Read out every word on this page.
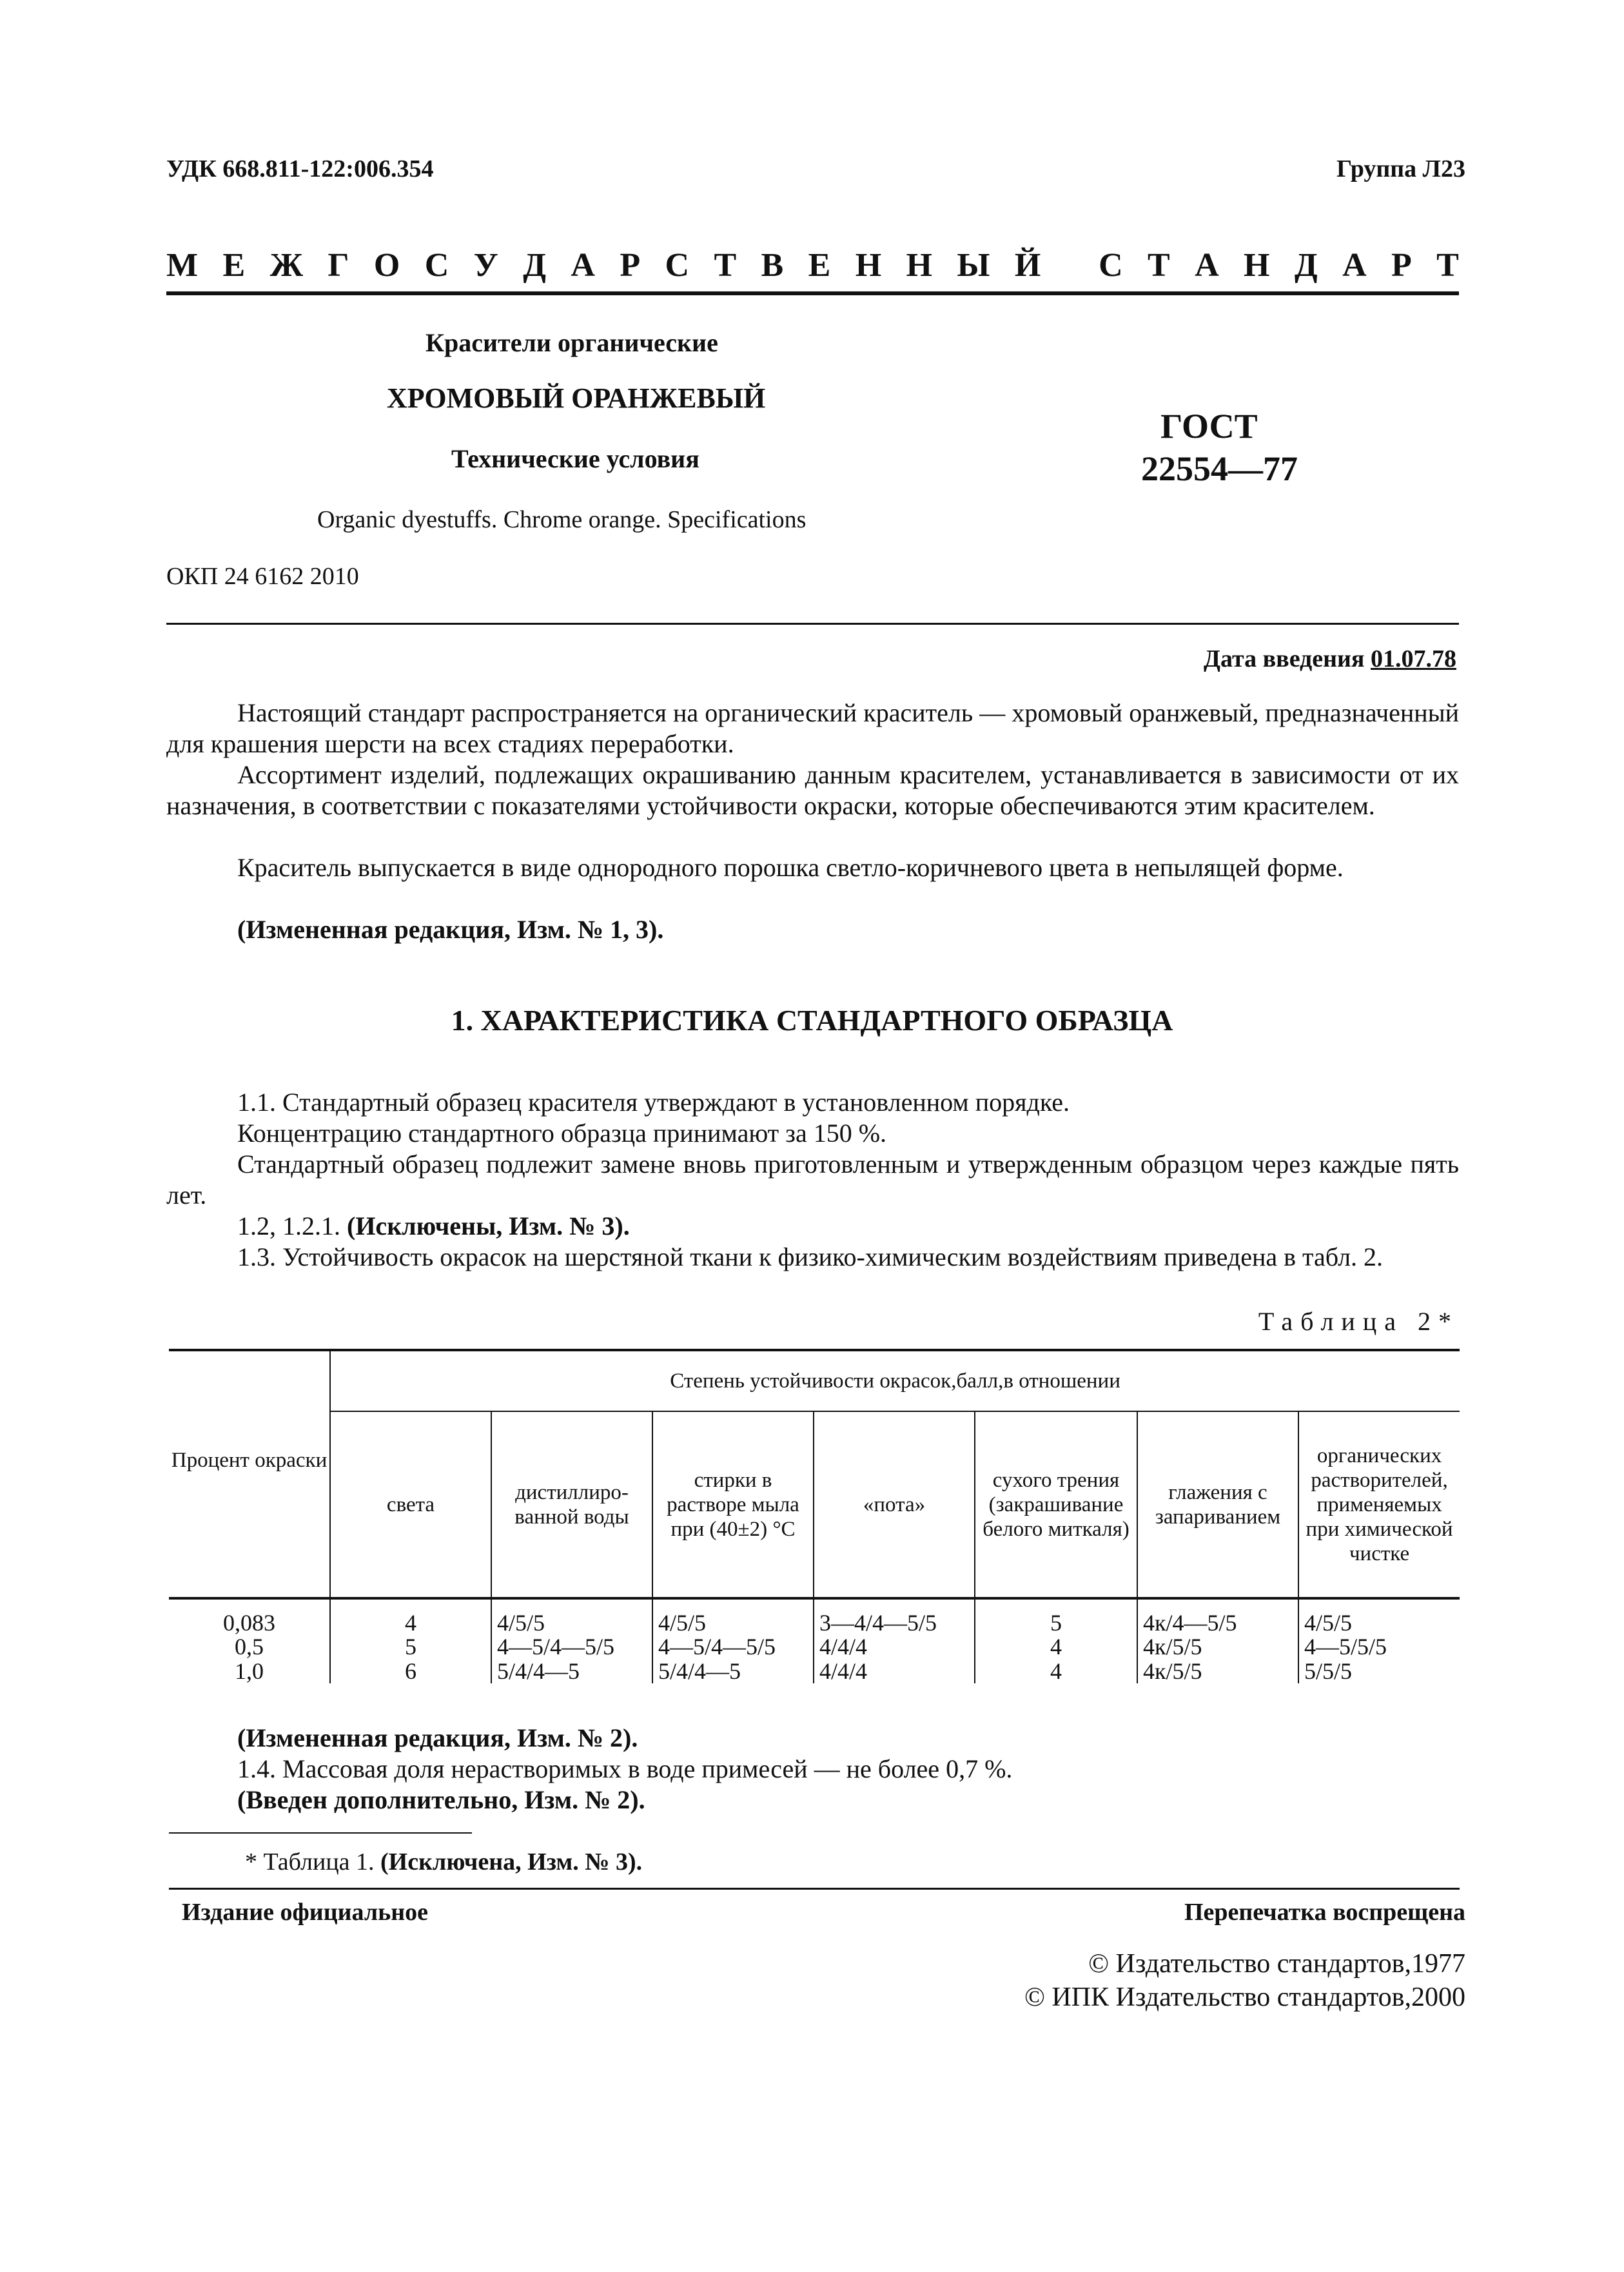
УДК 668.811-122:006.354	Группа Л23
М Е Ж Г О С У Д А Р С Т В Е Н Н Ы Й
С Т А Н Д А Р Т
Красители органические
ХРОМОВЫЙ ОРАНЖЕВЫЙ
Технические условия
ГОСТ
22554—77
Organic dyestuffs. Chrome orange. Specifications
ОКП 24 6162 2010
Дата введения 01.07.78
Настоящий стандарт распространяется на органический краситель — хромовый оранжевый, предназначенный для крашения шерсти на всех стадиях переработки.
Ассортимент изделий, подлежащих окрашиванию данным красителем, устанавливается в зависимости от их назначения, в соответствии с показателями устойчивости окраски, которые обеспечиваются этим красителем.
Краситель выпускается в виде однородного порошка светло-коричневого цвета в непылящей форме.
(Измененная редакция, Изм. № 1, 3).
1. ХАРАКТЕРИСТИКА СТАНДАРТНОГО ОБРАЗЦА
1.1. Стандартный образец красителя утверждают в установленном порядке.
Концентрацию стандартного образца принимают за 150 %.
Стандартный образец подлежит замене вновь приготовленным и утвержденным образцом через каждые пять лет.
1.2, 1.2.1. (Исключены, Изм. № 3).
1.3. Устойчивость окрасок на шерстяной ткани к физико-химическим воздействиям приведена в табл. 2.
Таблица 2*
Процент окраски	Степень устойчивости окрасок,балл,в отношении						
	света	дистиллиро-ванной воды	стирки в растворе мыла при (40±2) °С	«пота»	сухого трения (закрашивание белого миткаля)	глажения с запариванием	органических растворителей, применяемых при химической чистке
0,083	4	4/5/5	4/5/5	3—4/4—5/5	5	4к/4—5/5	4/5/5
0,5	5	4—5/4—5/5	4—5/4—5/5	4/4/4	4	4к/5/5	4—5/5/5
1,0	6	5/4/4—5	5/4/4—5	4/4/4	4	4к/5/5	5/5/5
(Измененная редакция, Изм. № 2).
1.4. Массовая доля нерастворимых в воде примесей — не более 0,7 %.
(Введен дополнительно, Изм. № 2).
* Таблица 1. (Исключена, Изм. № 3).
Издание официальное	Перепечатка воспрещена
© Издательство стандартов,1977
© ИПК Издательство стандартов,2000
